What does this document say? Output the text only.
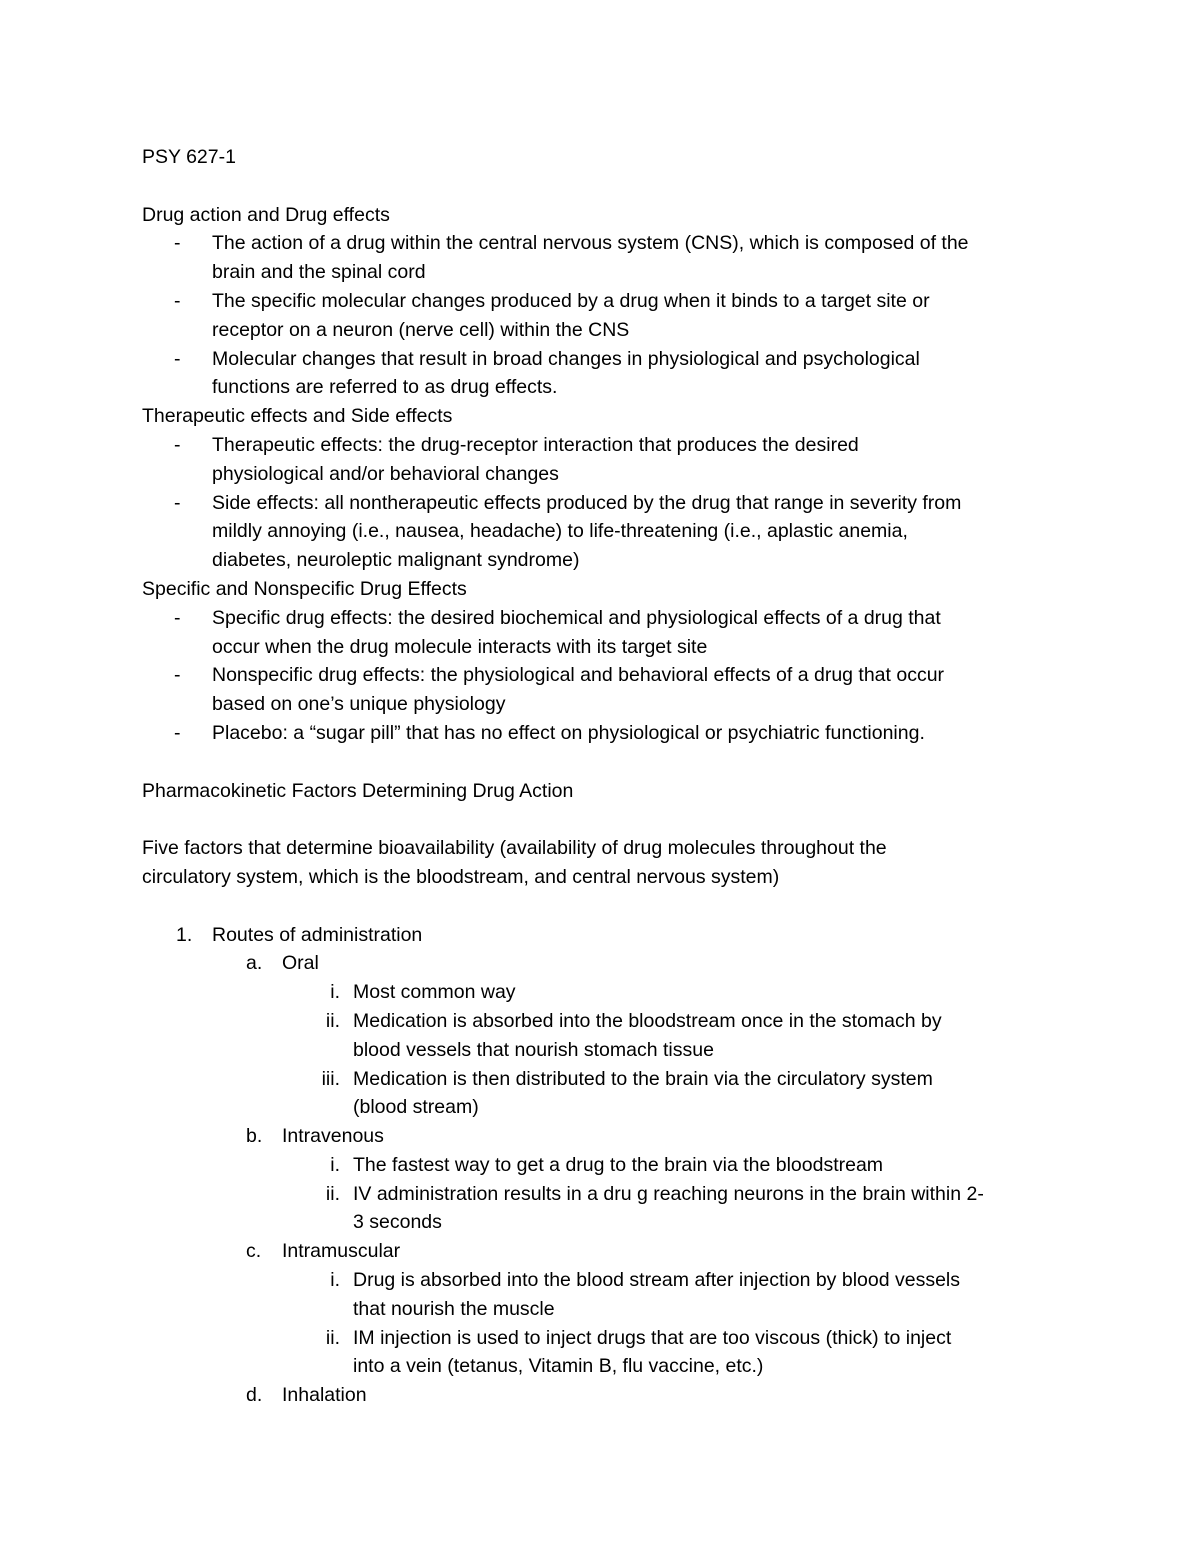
PSY 627-1
Drug action and Drug effects
- The action of a drug within the central nervous system (CNS), which is composed of the
brain and the spinal cord
- The specific molecular changes produced by a drug when it binds to a target site or
receptor on a neuron (nerve cell) within the CNS
- Molecular changes that result in broad changes in physiological and psychological
functions are referred to as drug effects.
Therapeutic effects and Side effects
- Therapeutic effects: the drug-receptor interaction that produces the desired
physiological and/or behavioral changes
- Side effects: all nontherapeutic effects produced by the drug that range in severity from
mildly annoying (i.e., nausea, headache) to life-threatening (i.e., aplastic anemia,
diabetes, neuroleptic malignant syndrome)
Specific and Nonspecific Drug Effects
- Specific drug effects: the desired biochemical and physiological effects of a drug that
occur when the drug molecule interacts with its target site
- Nonspecific drug effects: the physiological and behavioral effects of a drug that occur
based on one’s unique physiology
- Placebo: a “sugar pill” that has no effect on physiological or psychiatric functioning.
Pharmacokinetic Factors Determining Drug Action
Five factors that determine bioavailability (availability of drug molecules throughout the
circulatory system, which is the bloodstream, and central nervous system)
1. Routes of administration
a. Oral
i. Most common way
ii. Medication is absorbed into the bloodstream once in the stomach by
blood vessels that nourish stomach tissue
iii. Medication is then distributed to the brain via the circulatory system
(blood stream)
b. Intravenous
i. The fastest way to get a drug to the brain via the bloodstream
ii. IV administration results in a dru g reaching neurons in the brain within 2-
3 seconds
c. Intramuscular
i. Drug is absorbed into the blood stream after injection by blood vessels
that nourish the muscle
ii. IM injection is used to inject drugs that are too viscous (thick) to inject
into a vein (tetanus, Vitamin B, flu vaccine, etc.)
d. Inhalation
